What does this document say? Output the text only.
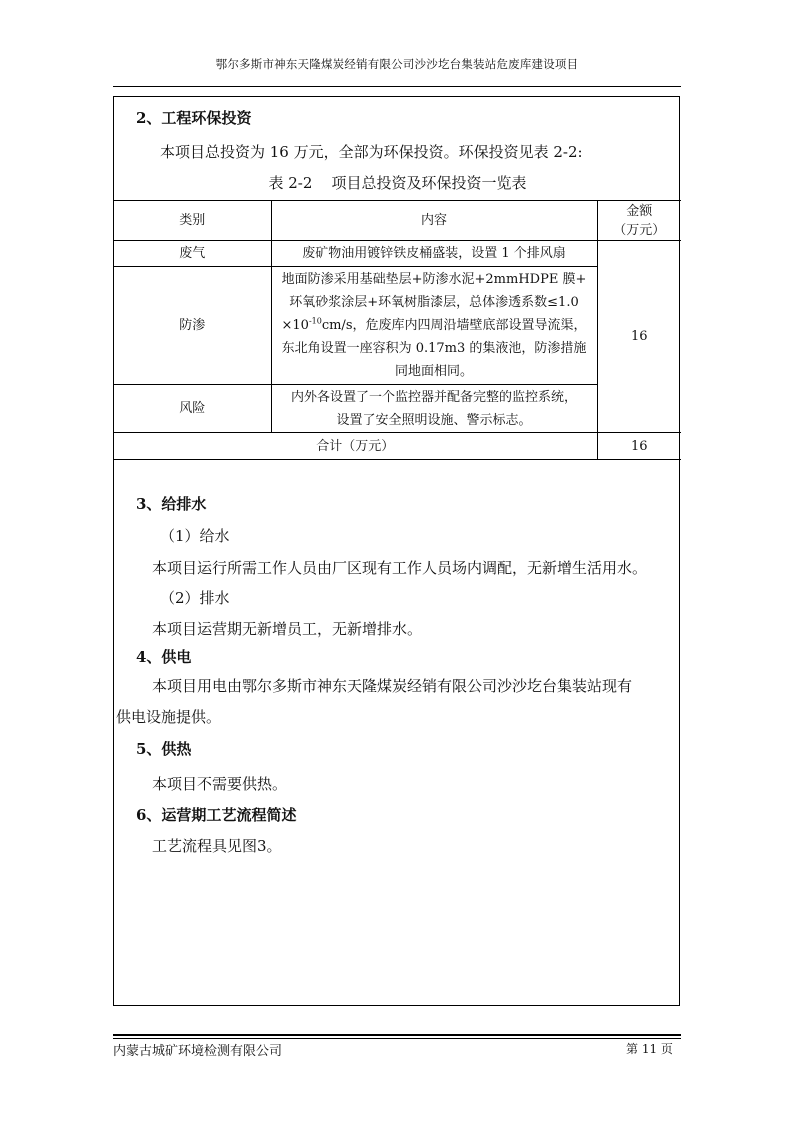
鄂尔多斯市神东天隆煤炭经销有限公司沙沙圪台集装站危废库建设项目
2、工程环保投资
本项目总投资为 16 万元，全部为环保投资。环保投资见表 2-2:
表 2-2    项目总投资及环保投资一览表
类别	内容	金额
（万元）

废气	废矿物油用镀锌铁皮桶盛装，设置 1 个排风扇	16
防渗	地面防渗采用基础垫层+防渗水泥+2mmHDPE 膜+
环氧砂浆涂层+环氧树脂漆层，总体渗透系数≤1.0
$\times 10^{-10}cm/s$，危废库内四周沿墙壁底部设置导流渠，
东北角设置一座容积为 0.17m3 的集液池，防渗措施
同地面相同。	

风险	内外各设置了一个监控器并配备完整的监控系统，
设置了安全照明设施、警示标志。	

合计（万元）		16
3、给排水
（1）给水
本项目运行所需工作人员由厂区现有工作人员场内调配，无新增生活用水。
（2）排水
本项目运营期无新增员工，无新增排水。
4、供电
本项目用电由鄂尔多斯市神东天隆煤炭经销有限公司沙沙圪台集装站现有
供电设施提供。
5、供热
本项目不需要供热。
6、运营期工艺流程简述
工艺流程具见图3。
内蒙古城矿环境检测有限公司	第 11 页
